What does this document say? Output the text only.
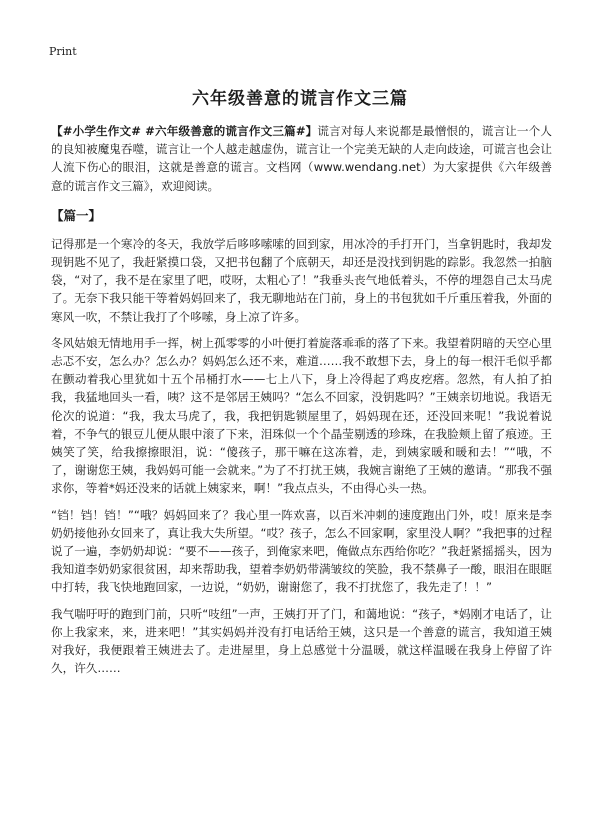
Print
六年级善意的谎言作文三篇

【#小学生作文# #六年级善意的谎言作文三篇#】谎言对每人来说都是最憎恨的，谎言让一个人的良知被魔鬼吞噬，谎言让一个人越走越虚伪，谎言让一个完美无缺的人走向歧途，可谎言也会让人流下伤心的眼泪，这就是善意的谎言。文档网（www.wendang.net）为大家提供《六年级善意的谎言作文三篇》，欢迎阅读。

【篇一】

记得那是一个寒冷的冬天，我放学后哆哆嗦嗦的回到家，用冰冷的手打开门，当拿钥匙时，我却发现钥匙不见了，我赶紧摸口袋，又把书包翻了个底朝天，却还是没找到钥匙的踪影。我忽然一拍脑袋，“对了，我不是在家里了吧，哎呀，太粗心了！”我垂头丧气地低着头，不停的埋怨自己太马虎了。无奈下我只能干等着妈妈回来了，我无聊地站在门前，身上的书包犹如千斤重压着我，外面的寒风一吹，不禁让我打了个哆嗦，身上凉了许多。

冬风姑娘无情地用手一挥，树上孤零零的小叶便打着旋落乖乖的落了下来。我望着阴暗的天空心里忐忑不安，怎么办？怎么办？妈妈怎么还不来，难道……我不敢想下去，身上的每一根汗毛似乎都在颤动着我心里犹如十五个吊桶打水——七上八下，身上冷得起了鸡皮疙瘩。忽然，有人拍了拍我，我猛地回头一看，咦？这不是邻居王姨吗？“怎么不回家，没钥匙吗？”王姨亲切地说。我语无伦次的说道：“我，我太马虎了，我，我把钥匙锁屋里了，妈妈现在还，还没回来呢！”我说着说着，不争气的银豆儿便从眼中滚了下来，泪珠似一个个晶莹剔透的珍珠，在我脸颊上留了痕迹。王姨笑了笑，给我擦擦眼泪，说：“傻孩子，那干嘛在这冻着，走，到姨家暖和暖和去！”“哦，不了，谢谢您王姨，我妈妈可能一会就来。”为了不打扰王姨，我婉言谢绝了王姨的邀请。“那我不强求你，等着*妈还没来的话就上姨家来，啊！”我点点头，不由得心头一热。

“铛！铛！铛！”“哦？妈妈回来了？我心里一阵欢喜，以百米冲刺的速度跑出门外，哎！原来是李奶奶接他孙女回来了，真让我大失所望。“哎？孩子，怎么不回家啊，家里没人啊？”我把事的过程说了一遍，李奶奶却说：“要不——孩子，到俺家来吧，俺做点东西给你吃？”我赶紧摇摇头，因为我知道李奶奶家很贫困，却来帮助我，望着李奶奶带满皱纹的笑脸，我不禁鼻子一酸，眼泪在眼眶中打转，我飞快地跑回家，一边说，“奶奶，谢谢您了，我不打扰您了，我先走了！！”

我气喘吁吁的跑到门前，只听“吱纽”一声，王姨打开了门，和蔼地说：“孩子，*妈刚才电话了，让你上我家来，来，进来吧！”其实妈妈并没有打电话给王姨，这只是一个善意的谎言，我知道王姨对我好，我便跟着王姨进去了。走进屋里，身上总感觉十分温暖，就这样温暖在我身上停留了许久，许久……
